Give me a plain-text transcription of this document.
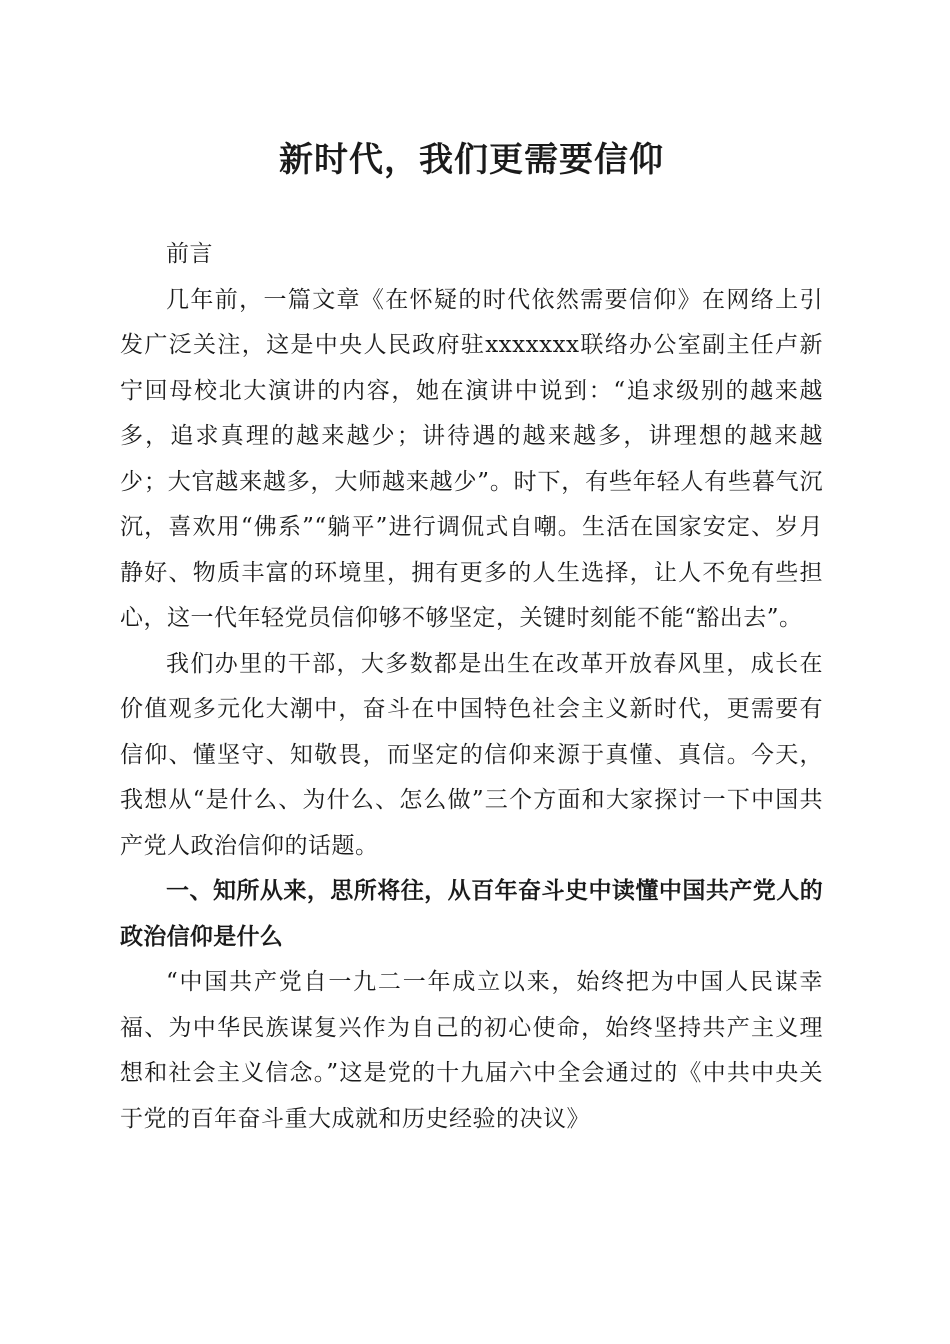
新时代，我们更需要信仰

前言

几年前，一篇文章《在怀疑的时代依然需要信仰》在网络上引发广泛关注，这是中央人民政府驻xxxxxxx联络办公室副主任卢新宁回母校北大演讲的内容，她在演讲中说到：“追求级别的越来越多，追求真理的越来越少；讲待遇的越来越多，讲理想的越来越少；大官越来越多，大师越来越少”。时下，有些年轻人有些暮气沉沉，喜欢用“佛系”“躺平”进行调侃式自嘲。生活在国家安定、岁月静好、物质丰富的环境里，拥有更多的人生选择，让人不免有些担心，这一代年轻党员信仰够不够坚定，关键时刻能不能“豁出去”。

我们办里的干部，大多数都是出生在改革开放春风里，成长在价值观多元化大潮中，奋斗在中国特色社会主义新时代，更需要有信仰、懂坚守、知敬畏，而坚定的信仰来源于真懂、真信。今天，我想从“是什么、为什么、怎么做”三个方面和大家探讨一下中国共产党人政治信仰的话题。

一、知所从来，思所将往，从百年奋斗史中读懂中国共产党人的政治信仰是什么

“中国共产党自一九二一年成立以来，始终把为中国人民谋幸福、为中华民族谋复兴作为自己的初心使命，始终坚持共产主义理想和社会主义信念。”这是党的十九届六中全会通过的《中共中央关于党的百年奋斗重大成就和历史经验的决议》
